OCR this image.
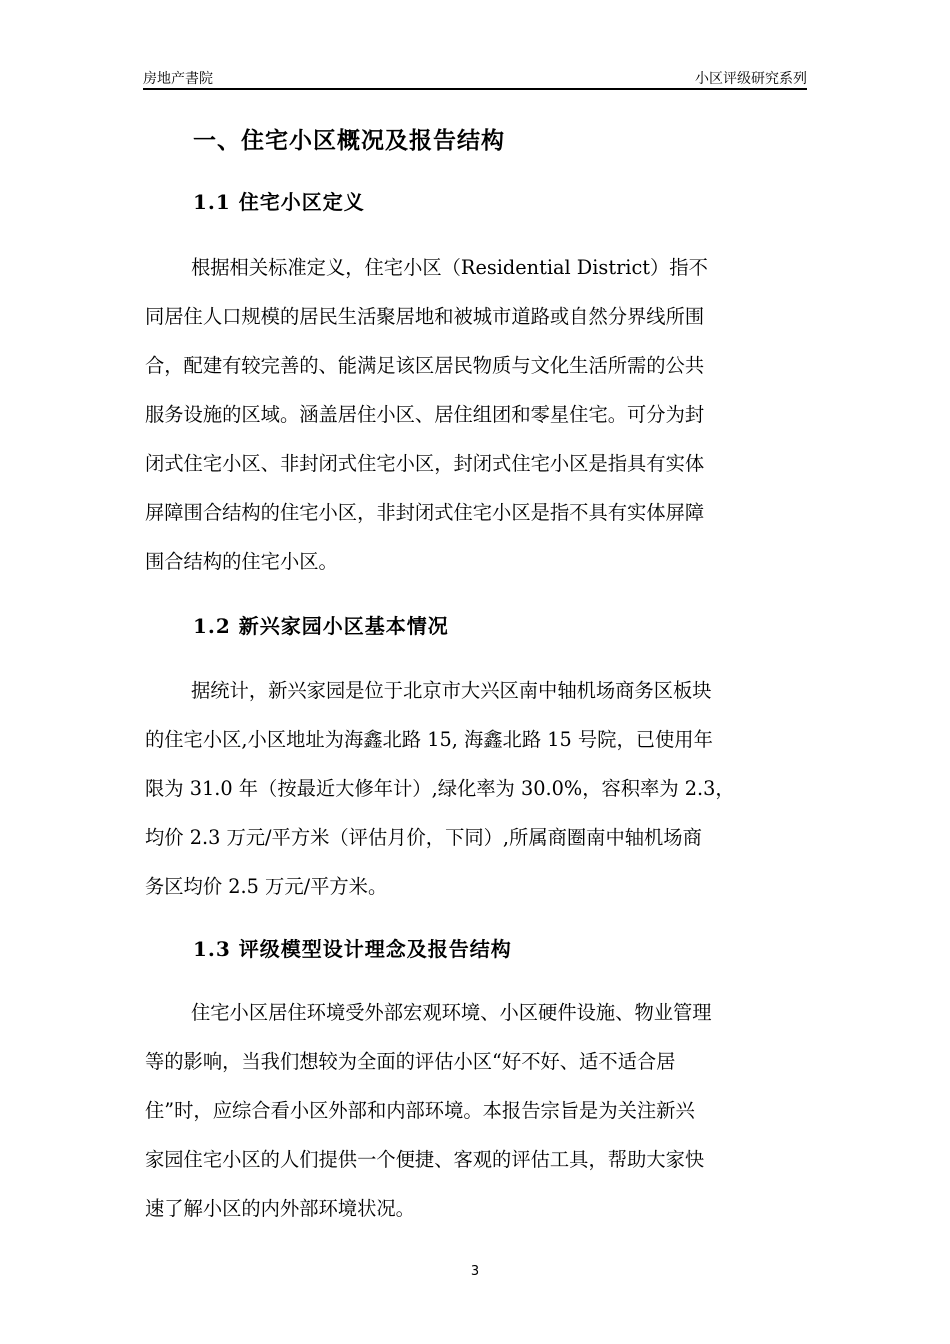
房地产書院	小区评级研究系列
一、住宅小区概况及报告结构
1.1 住宅小区定义
根据相关标准定义，住宅小区（Residential District）指不
同居住人口规模的居民生活聚居地和被城市道路或自然分界线所围
合，配建有较完善的、能满足该区居民物质与文化生活所需的公共
服务设施的区域。涵盖居住小区、居住组团和零星住宅。可分为封
闭式住宅小区、非封闭式住宅小区，封闭式住宅小区是指具有实体
屏障围合结构的住宅小区，非封闭式住宅小区是指不具有实体屏障
围合结构的住宅小区。
1.2 新兴家园小区基本情况
据统计，新兴家园是位于北京市大兴区南中轴机场商务区板块
的住宅小区,小区地址为海鑫北路 15, 海鑫北路 15 号院，已使用年
限为 31.0 年（按最近大修年计）,绿化率为 30.0%，容积率为 2.3，
均价 2.3 万元/平方米（评估月价，下同）,所属商圈南中轴机场商
务区均价 2.5 万元/平方米。
1.3 评级模型设计理念及报告结构
住宅小区居住环境受外部宏观环境、小区硬件设施、物业管理
等的影响，当我们想较为全面的评估小区“好不好、适不适合居
住”时，应综合看小区外部和内部环境。本报告宗旨是为关注新兴
家园住宅小区的人们提供一个便捷、客观的评估工具，帮助大家快
速了解小区的内外部环境状况。
3
